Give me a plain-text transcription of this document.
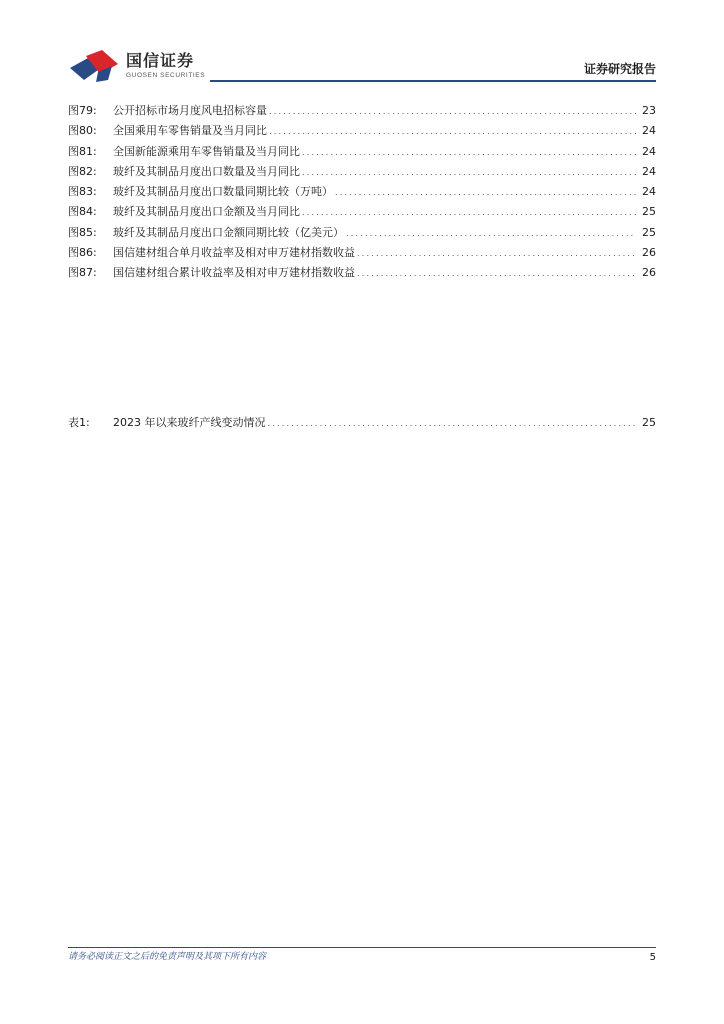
国信证券
GUOSEN SECURITIES	证券研究报告
图79:	公开招标市场月度风电招标容量 .....	23
图80:	全国乘用车零售销量及当月同比 .....	24
图81:	全国新能源乘用车零售销量及当月同比 .....	24
图82:	玻纤及其制品月度出口数量及当月同比 .....	24
图83:	玻纤及其制品月度出口数量同期比较（万吨） .....	24
图84:	玻纤及其制品月度出口金额及当月同比 .....	25
图85:	玻纤及其制品月度出口金额同期比较（亿美元） .....	25
图86:	国信建材组合单月收益率及相对申万建材指数收益 .....	26
图87:	国信建材组合累计收益率及相对申万建材指数收益 .....	26
表1:	2023 年以来玻纤产线变动情况 .....	25
请务必阅读正文之后的免责声明及其项下所有内容	5
